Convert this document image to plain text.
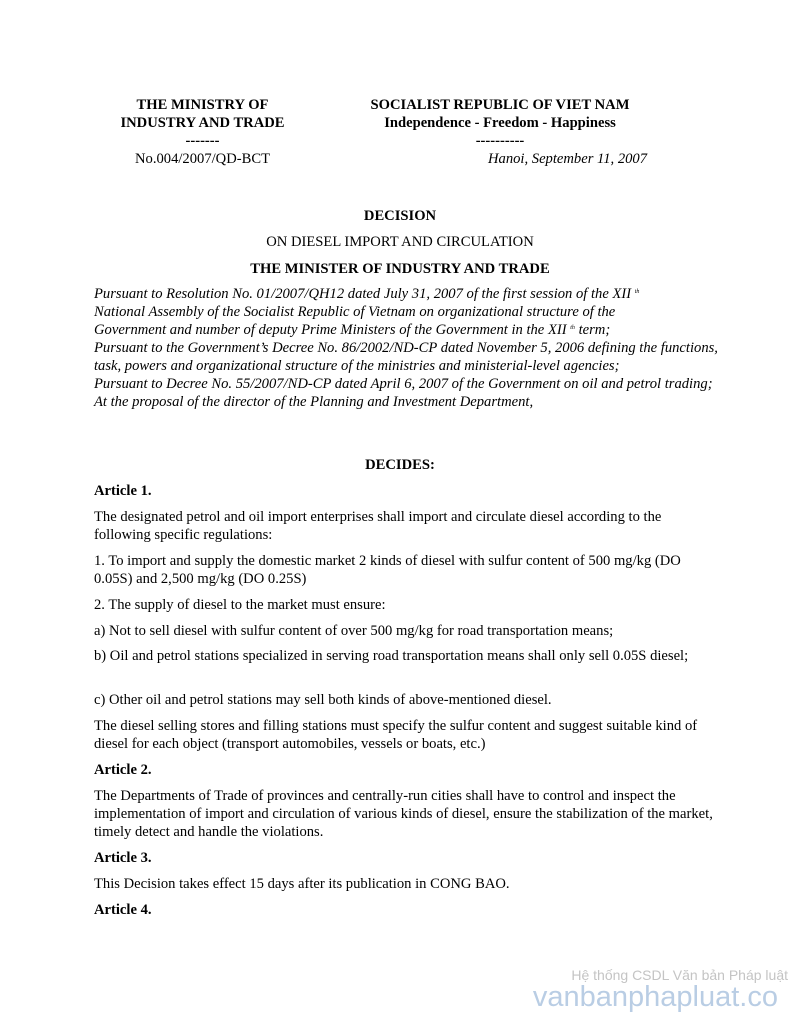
THE MINISTRY OF
INDUSTRY AND TRADE
-------
No.004/2007/QD-BCT
SOCIALIST REPUBLIC OF VIET NAM
Independence - Freedom - Happiness
----------
Hanoi, September 11, 2007
DECISION
ON DIESEL IMPORT AND CIRCULATION
THE MINISTER OF INDUSTRY AND TRADE
Pursuant to Resolution No. 01/2007/QH12 dated July 31, 2007 of the first session of the XII $^{th}$
National Assembly of the Socialist Republic of Vietnam on organizational structure of the
Government and number of deputy Prime Ministers of the Government in the XII $^{th}$ term;
Pursuant to the Government’s Decree No. 86/2002/ND-CP dated November 5, 2006 defining the functions, task, powers and organizational structure of the ministries and ministerial-level agencies;
Pursuant to Decree No. 55/2007/ND-CP dated April 6, 2007 of the Government on oil and petrol trading;
At the proposal of the director of the Planning and Investment Department,
DECIDES:
Article 1.
The designated petrol and oil import enterprises shall import and circulate diesel according to the following specific regulations:
1. To import and supply the domestic market 2 kinds of diesel with sulfur content of 500 mg/kg (DO 0.05S) and 2,500 mg/kg (DO 0.25S)
2. The supply of diesel to the market must ensure:
a) Not to sell diesel with sulfur content of over 500 mg/kg for road transportation means;
b) Oil and petrol stations specialized in serving road transportation means shall only sell 0.05S diesel;
c) Other oil and petrol stations may sell both kinds of above-mentioned diesel.
The diesel selling stores and filling stations must specify the sulfur content and suggest suitable kind of diesel for each object (transport automobiles, vessels or boats, etc.)
Article 2.
The Departments of Trade of provinces and centrally-run cities shall have to control and inspect the implementation of import and circulation of various kinds of diesel, ensure the stabilization of the market, timely detect and handle the violations.
Article 3.
This Decision takes effect 15 days after its publication in CONG BAO.
Article 4.
Hệ thống CSDL Văn bản Pháp luật
vanbanphapluat.co
